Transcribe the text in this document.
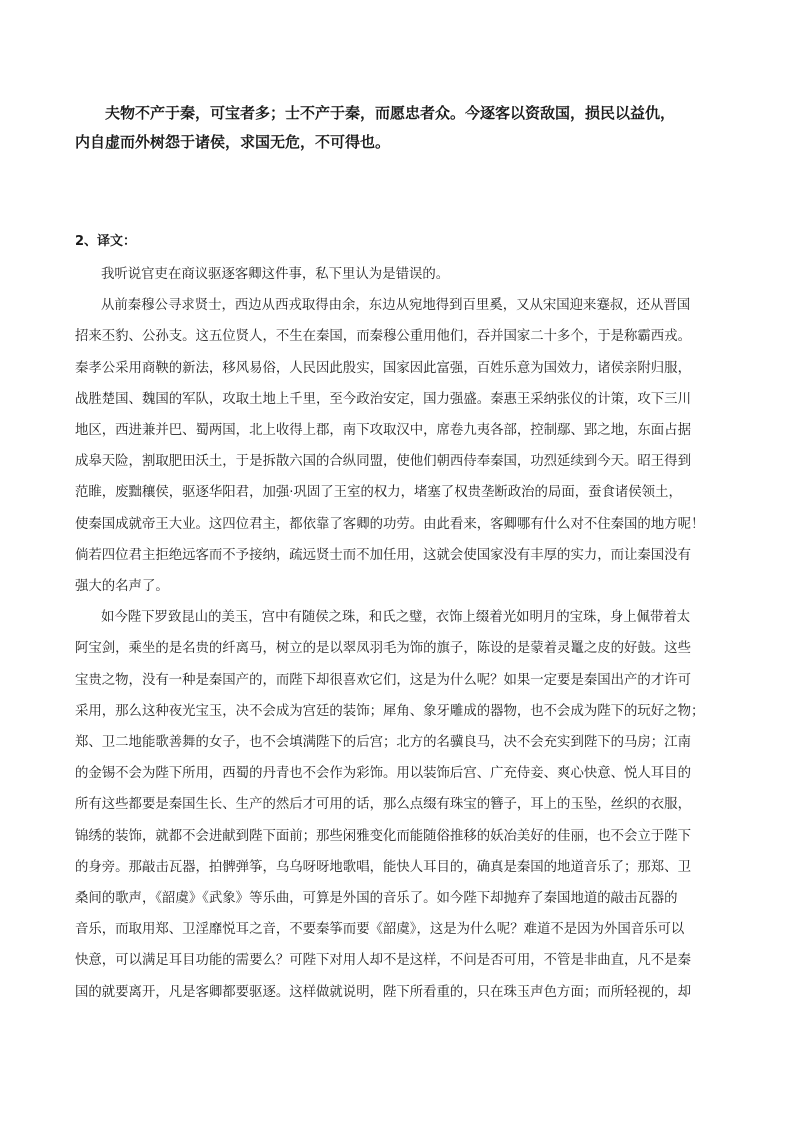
夫物不产于秦，可宝者多；士不产于秦，而愿忠者众。今逐客以资敌国，损民以益仇，

内自虚而外树怨于诸侯，求国无危，不可得也。

2、译文：

我听说官吏在商议驱逐客卿这件事，私下里认为是错误的。

从前秦穆公寻求贤士，西边从西戎取得由余，东边从宛地得到百里奚，又从宋国迎来蹇叔，还从晋国

招来丕豹、公孙支。这五位贤人，不生在秦国，而秦穆公重用他们，吞并国家二十多个，于是称霸西戎。

秦孝公采用商鞅的新法，移风易俗，人民因此殷实，国家因此富强，百姓乐意为国效力，诸侯亲附归服，

战胜楚国、魏国的军队，攻取土地上千里，至今政治安定，国力强盛。秦惠王采纳张仪的计策，攻下三川

地区，西进兼并巴、蜀两国，北上收得上郡，南下攻取汉中，席卷九夷各部，控制鄢、郢之地，东面占据

成皋天险，割取肥田沃土，于是拆散六国的合纵同盟，使他们朝西侍奉秦国，功烈延续到今天。昭王得到

范睢，废黜穰侯，驱逐华阳君，加强·巩固了王室的权力，堵塞了权贵垄断政治的局面，蚕食诸侯领土，

使秦国成就帝王大业。这四位君主，都依靠了客卿的功劳。由此看来，客卿哪有什么对不住秦国的地方呢！

倘若四位君主拒绝远客而不予接纳，疏远贤士而不加任用，这就会使国家没有丰厚的实力，而让秦国没有

强大的名声了。

如今陛下罗致昆山的美玉，宫中有随侯之珠，和氏之璧，衣饰上缀着光如明月的宝珠，身上佩带着太

阿宝剑，乘坐的是名贵的纤离马，树立的是以翠凤羽毛为饰的旗子，陈设的是蒙着灵鼍之皮的好鼓。这些

宝贵之物，没有一种是秦国产的，而陛下却很喜欢它们，这是为什么呢？如果一定要是秦国出产的才许可

采用，那么这种夜光宝玉，决不会成为宫廷的装饰；犀角、象牙雕成的器物，也不会成为陛下的玩好之物；

郑、卫二地能歌善舞的女子，也不会填满陛下的后宫；北方的名骥良马，决不会充实到陛下的马房；江南

的金锡不会为陛下所用，西蜀的丹青也不会作为彩饰。用以装饰后宫、广充侍妾、爽心快意、悦人耳目的

所有这些都要是秦国生长、生产的然后才可用的话，那么点缀有珠宝的簪子，耳上的玉坠，丝织的衣服，

锦绣的装饰，就都不会进献到陛下面前；那些闲雅变化而能随俗推移的妖冶美好的佳丽，也不会立于陛下

的身旁。那敲击瓦器，拍髀弹筝，乌乌呀呀地歌唱，能快人耳目的，确真是秦国的地道音乐了；那郑、卫

桑间的歌声，《韶虞》《武象》等乐曲，可算是外国的音乐了。如今陛下却抛弃了秦国地道的敲击瓦器的

音乐，而取用郑、卫淫靡悦耳之音，不要秦筝而要《韶虞》，这是为什么呢？难道不是因为外国音乐可以

快意，可以满足耳目功能的需要么？可陛下对用人却不是这样，不问是否可用，不管是非曲直，凡不是秦

国的就要离开，凡是客卿都要驱逐。这样做就说明，陛下所看重的，只在珠玉声色方面；而所轻视的，却
